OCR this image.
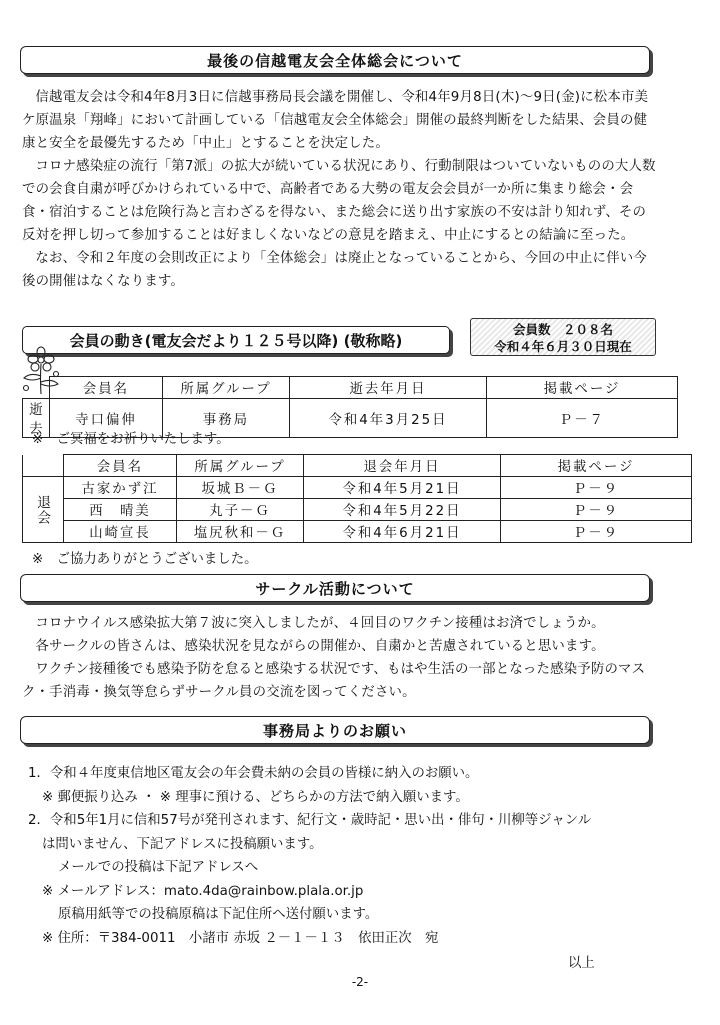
最後の信越電友会全体総会について

信越電友会は令和4年8月3日に信越事務局長会議を開催し、令和4年9月8日(木)〜9日(金)に松本市美ケ原温泉「翔峰」において計画している「信越電友会全体総会」開催の最終判断をした結果、会員の健康と安全を最優先するため「中止」とすることを決定した。

コロナ感染症の流行「第7派」の拡大が続いている状況にあり、行動制限はついていないものの大人数での会食自粛が呼びかけられている中で、高齢者である大勢の電友会会員が一か所に集まり総会・会食・宿泊することは危険行為と言わざるを得ない、また総会に送り出す家族の不安は計り知れず、その反対を押し切って参加することは好ましくないなどの意見を踏まえ、中止にするとの結論に至った。

なお、令和２年度の会則改正により「全体総会」は廃止となっていることから、今回の中止に伴い今後の開催はなくなります。

会員の動き(電友会だより１２５号以降) (敬称略)
会員数　２０８名
令和４年６月３０日現在
	会員名	所属グループ	逝去年月日	掲載ページ
逝去	寺口偏伸	事務局	令和4年3月25日	Ｐ－７
※　ご冥福をお祈りいたします。
	会員名	所属グループ	退会年月日	掲載ページ
退会	古家かず江	坂城Ｂ－Ｇ	令和4年5月21日	Ｐ－９
	西　晴美	丸子－Ｇ	令和4年5月22日	Ｐ－９
	山崎宣長	塩尻秋和－Ｇ	令和4年6月21日	Ｐ－９
※　ご協力ありがとうございました。
サークル活動について

コロナウイルス感染拡大第７波に突入しましたが、４回目のワクチン接種はお済でしょうか。

各サークルの皆さんは、感染状況を見ながらの開催か、自粛かと苦慮されていると思います。

ワクチン接種後でも感染予防を怠ると感染する状況です、もはや生活の一部となった感染予防のマスク・手消毒・換気等怠らずサークル員の交流を図ってください。

事務局よりのお願い
1．令和４年度東信地区電友会の年会費未納の会員の皆様に納入のお願い。
※ 郵便振り込み ・ ※ 理事に預ける、どちらかの方法で納入願います。
2．令和5年1月に信和57号が発刊されます、紀行文・歳時記・思い出・俳句・川柳等ジャンル
は問いません、下記アドレスに投稿願います。
メールでの投稿は下記アドレスへ
※ メールアドレス：mato.4da@rainbow.plala.or.jp
原稿用紙等での投稿原稿は下記住所へ送付願います。
※ 住所：〒384-0011　小諸市 赤坂 ２－１－１３　依田正次　宛
以上
-2-
